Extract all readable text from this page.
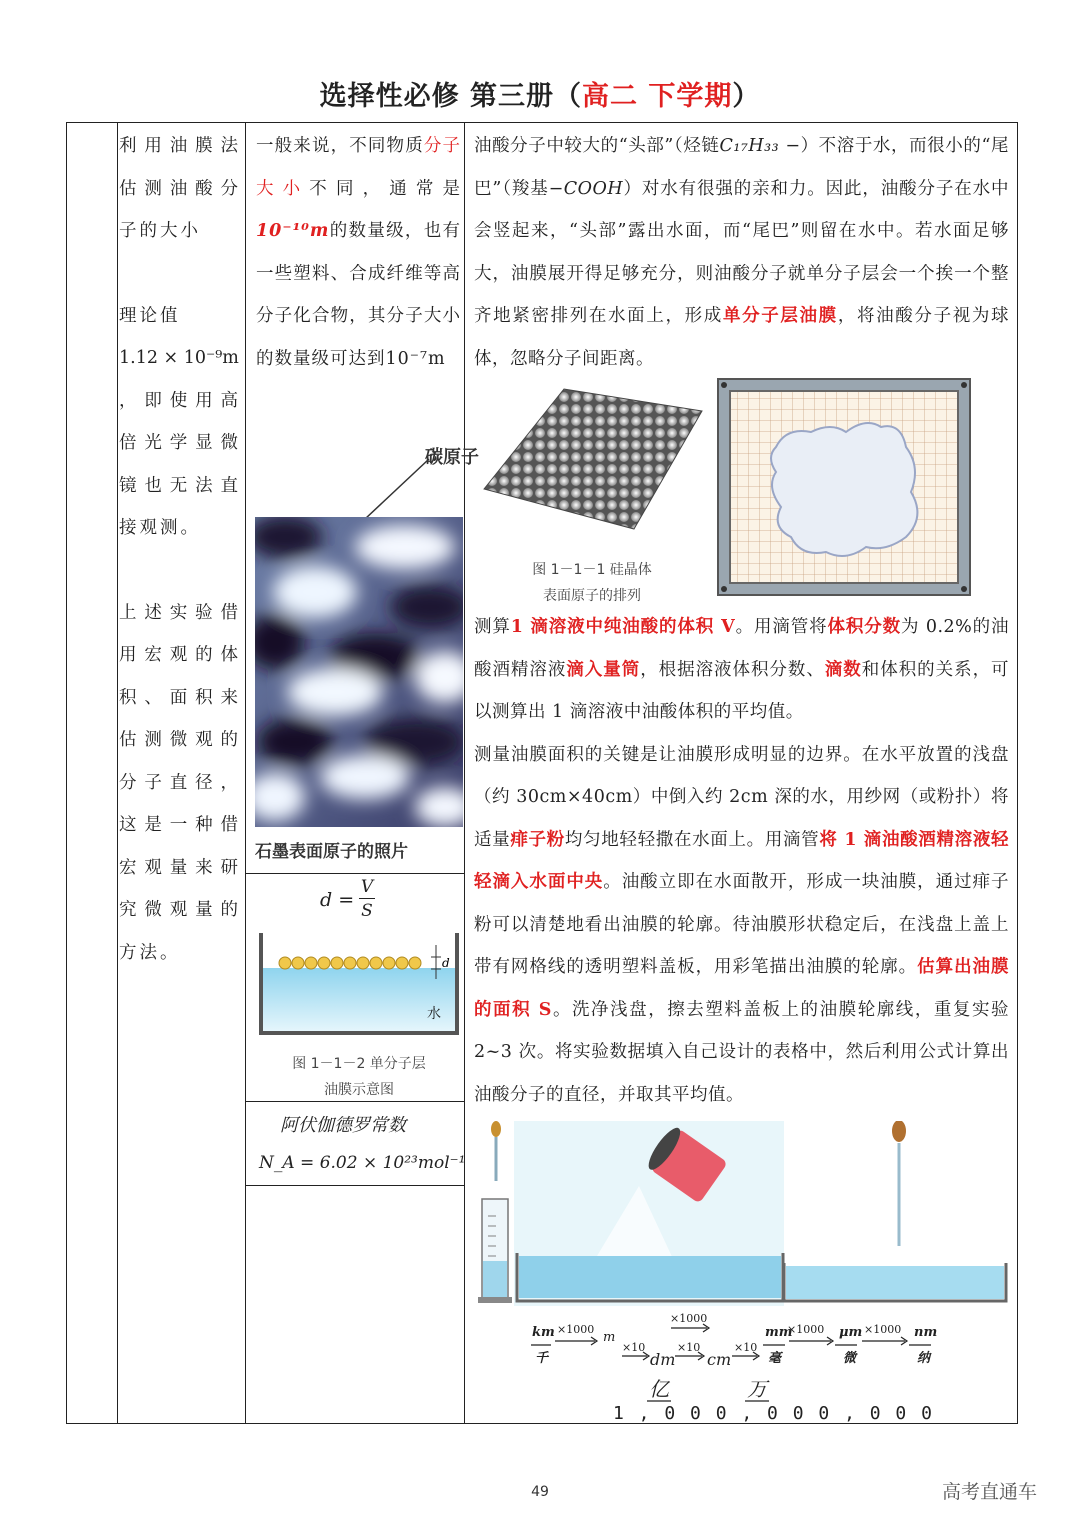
选择性必修 第三册（高二 下学期）
利用油膜法估测油酸分子的大小
理论值
1.12 × 10⁻⁹m
，即使用高倍光学显微镜也无法直接观测。
上述实验借用宏观的体积、面积来估测微观的分子直径，这是一种借宏观量来研究微观量的方法。
一般来说，不同物质分子大小不同，通常是10⁻¹⁰m的数量级，也有一些塑料、合成纤维等高分子化合物，其分子大小的数量级可达到10⁻⁷m
碳原子
石墨表面原子的照片
d =
V
S
d
水
图 1－1－2 单分子层
油膜示意图
阿伏伽德罗常数
N_A = 6.02 × 10²³mol⁻¹

油酸分子中较大的“头部”（烃链C₁₇H₃₃ −）不溶于水，而很小的“尾巴”（羧基−COOH）对水有很强的亲和力。因此，油酸分子在水中会竖起来，“头部”露出水面，而“尾巴”则留在水中。若水面足够大，油膜展开得足够充分，则油酸分子就单分子层会一个挨一个整齐地紧密排列在水面上，形成单分子层油膜，将油酸分子视为球体，忽略分子间距离。

图 1－1－1 硅晶体
表面原子的排列

测算1 滴溶液中纯油酸的体积 V。用滴管将体积分数为 0.2%的油酸酒精溶液滴入量筒，根据溶液体积分数、滴数和体积的关系，可以测算出 1 滴溶液中油酸体积的平均值。

测量油膜面积的关键是让油膜形成明显的边界。在水平放置的浅盘（约 30cm×40cm）中倒入约 2cm 深的水，用纱网（或粉扑）将适量痱子粉均匀地轻轻撒在水面上。用滴管将 1 滴油酸酒精溶液轻轻滴入水面中央。油酸立即在水面散开，形成一块油膜，通过痱子粉可以清楚地看出油膜的轮廓。待油膜形状稳定后，在浅盘上盖上带有网格线的透明塑料盖板，用彩笔描出油膜的轮廓。估算出油膜的面积 S。洗净浅盘，擦去塑料盖板上的油膜轮廓线，重复实验 2~3 次。将实验数据填入自己设计的表格中，然后利用公式计算出油酸分子的直径，并取其平均值。

km
千
×1000
m
×1000
×10
dm
×10
cm
×10
mm
毫
×1000 μm
微
×1000 nm
纳
亿	万
1 , 0 0 0 , 0 0 0 , 0 0 0
49	高考直通车
